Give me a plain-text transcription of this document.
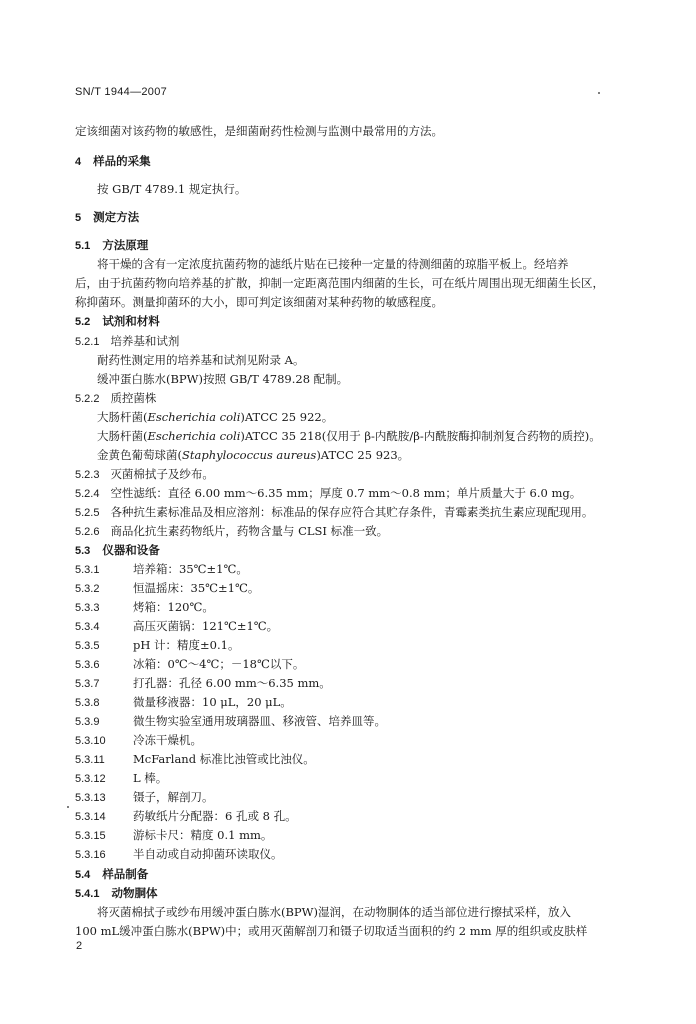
SN/T 1944—2007
定该细菌对该药物的敏感性，是细菌耐药性检测与监测中最常用的方法。
4 样品的采集
按 GB/T 4789.1 规定执行。
5 测定方法
5.1 方法原理
将干燥的含有一定浓度抗菌药物的滤纸片贴在已接种一定量的待测细菌的琼脂平板上。经培养
后，由于抗菌药物向培养基的扩散，抑制一定距离范围内细菌的生长，可在纸片周围出现无细菌生长区，
称抑菌环。测量抑菌环的大小，即可判定该细菌对某种药物的敏感程度。
5.2 试剂和材料
5.2.1 培养基和试剂
耐药性测定用的培养基和试剂见附录 A。
缓冲蛋白胨水(BPW)按照 GB/T 4789.28 配制。
5.2.2 质控菌株
大肠杆菌(Escherichia coli)ATCC 25 922。
大肠杆菌(Escherichia coli)ATCC 35 218(仅用于 β-内酰胺/β-内酰胺酶抑制剂复合药物的质控)。
金黄色葡萄球菌(Staphylococcus aureus)ATCC 25 923。
5.2.3 灭菌棉拭子及纱布。
5.2.4 空性滤纸：直径 6.00 mm～6.35 mm；厚度 0.7 mm～0.8 mm；单片质量大于 6.0 mg。
5.2.5 各种抗生素标准品及相应溶剂：标准品的保存应符合其贮存条件，青霉素类抗生素应现配现用。
5.2.6 商品化抗生素药物纸片，药物含量与 CLSI 标准一致。
5.3 仪器和设备
5.3.1	培养箱：35℃±1℃。
5.3.2	恒温摇床：35℃±1℃。
5.3.3	烤箱：120℃。
5.3.4	高压灭菌锅：121℃±1℃。
5.3.5	pH 计：精度±0.1。
5.3.6	冰箱：0℃～4℃；－18℃以下。
5.3.7	打孔器：孔径 6.00 mm～6.35 mm。
5.3.8	微量移液器：10 μL，20 μL。
5.3.9	微生物实验室通用玻璃器皿、移液管、培养皿等。
5.3.10 冷冻干燥机。
5.3.11 McFarland 标准比浊管或比浊仪。
5.3.12 L 棒。
5.3.13 镊子，解剖刀。
5.3.14 药敏纸片分配器：6 孔或 8 孔。
5.3.15 游标卡尺：精度 0.1 mm。
5.3.16 半自动或自动抑菌环读取仪。
5.4 样品制备
5.4.1 动物胴体
将灭菌棉拭子或纱布用缓冲蛋白胨水(BPW)湿润，在动物胴体的适当部位进行擦拭采样，放入
100 mL缓冲蛋白胨水(BPW)中；或用灭菌解剖刀和镊子切取适当面积的约 2 mm 厚的组织或皮肤样
2
